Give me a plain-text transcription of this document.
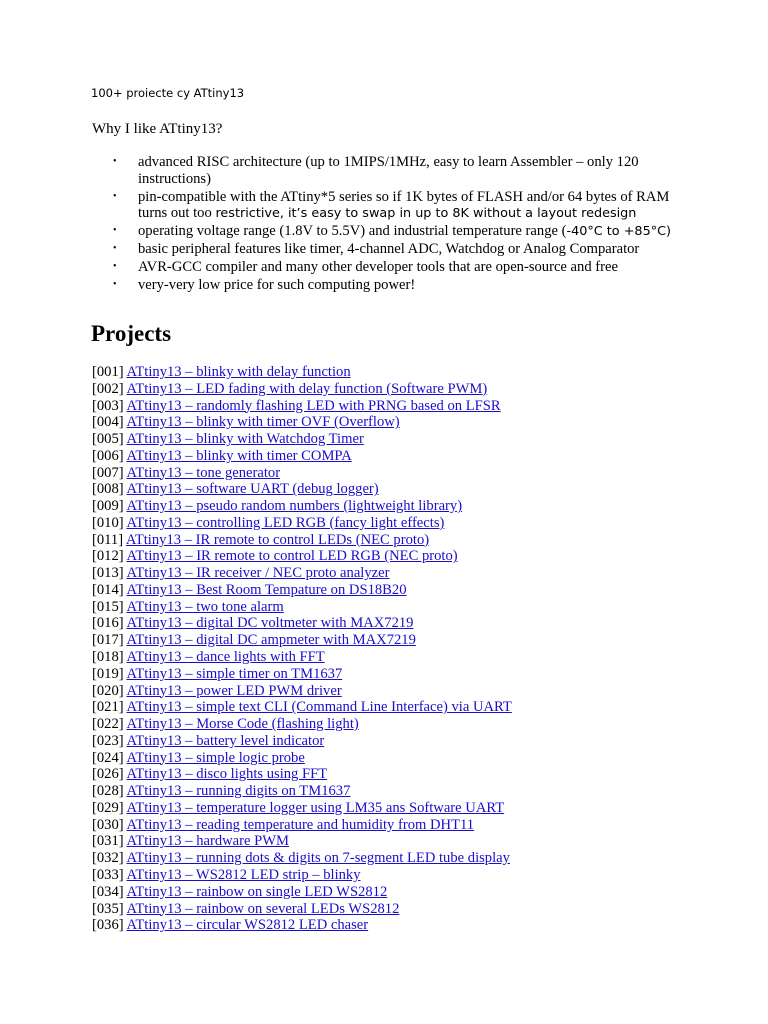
100+ proiecte cy ATtiny13

Why I like ATtiny13?

• advanced RISC architecture (up to 1MIPS/1MHz, easy to learn Assembler – only 120 instructions)
• pin-compatible with the ATtiny*5 series so if 1K bytes of FLASH and/or 64 bytes of RAM turns out too restrictive, it’s easy to swap in up to 8K without a layout redesign
• operating voltage range (1.8V to 5.5V) and industrial temperature range (-40°C to +85°C)
• basic peripheral features like timer, 4-channel ADC, Watchdog or Analog Comparator
• AVR-GCC compiler and many other developer tools that are open-source and free
• very-very low price for such computing power!
Projects
[001] ATtiny13 – blinky with delay function
[002] ATtiny13 – LED fading with delay function (Software PWM)
[003] ATtiny13 – randomly flashing LED with PRNG based on LFSR
[004] ATtiny13 – blinky with timer OVF (Overflow)
[005] ATtiny13 – blinky with Watchdog Timer
[006] ATtiny13 – blinky with timer COMPA
[007] ATtiny13 – tone generator
[008] ATtiny13 – software UART (debug logger)
[009] ATtiny13 – pseudo random numbers (lightweight library)
[010] ATtiny13 – controlling LED RGB (fancy light effects)
[011] ATtiny13 – IR remote to control LEDs (NEC proto)
[012] ATtiny13 – IR remote to control LED RGB (NEC proto)
[013] ATtiny13 – IR receiver / NEC proto analyzer
[014] ATtiny13 – Best Room Tempature on DS18B20
[015] ATtiny13 – two tone alarm
[016] ATtiny13 – digital DC voltmeter with MAX7219
[017] ATtiny13 – digital DC ampmeter with MAX7219
[018] ATtiny13 – dance lights with FFT
[019] ATtiny13 – simple timer on TM1637
[020] ATtiny13 – power LED PWM driver
[021] ATtiny13 – simple text CLI (Command Line Interface) via UART
[022] ATtiny13 – Morse Code (flashing light)
[023] ATtiny13 – battery level indicator
[024] ATtiny13 – simple logic probe
[026] ATtiny13 – disco lights using FFT
[028] ATtiny13 – running digits on TM1637
[029] ATtiny13 – temperature logger using LM35 ans Software UART
[030] ATtiny13 – reading temperature and humidity from DHT11
[031] ATtiny13 – hardware PWM
[032] ATtiny13 – running dots & digits on 7-segment LED tube display
[033] ATtiny13 – WS2812 LED strip – blinky
[034] ATtiny13 – rainbow on single LED WS2812
[035] ATtiny13 – rainbow on several LEDs WS2812
[036] ATtiny13 – circular WS2812 LED chaser
